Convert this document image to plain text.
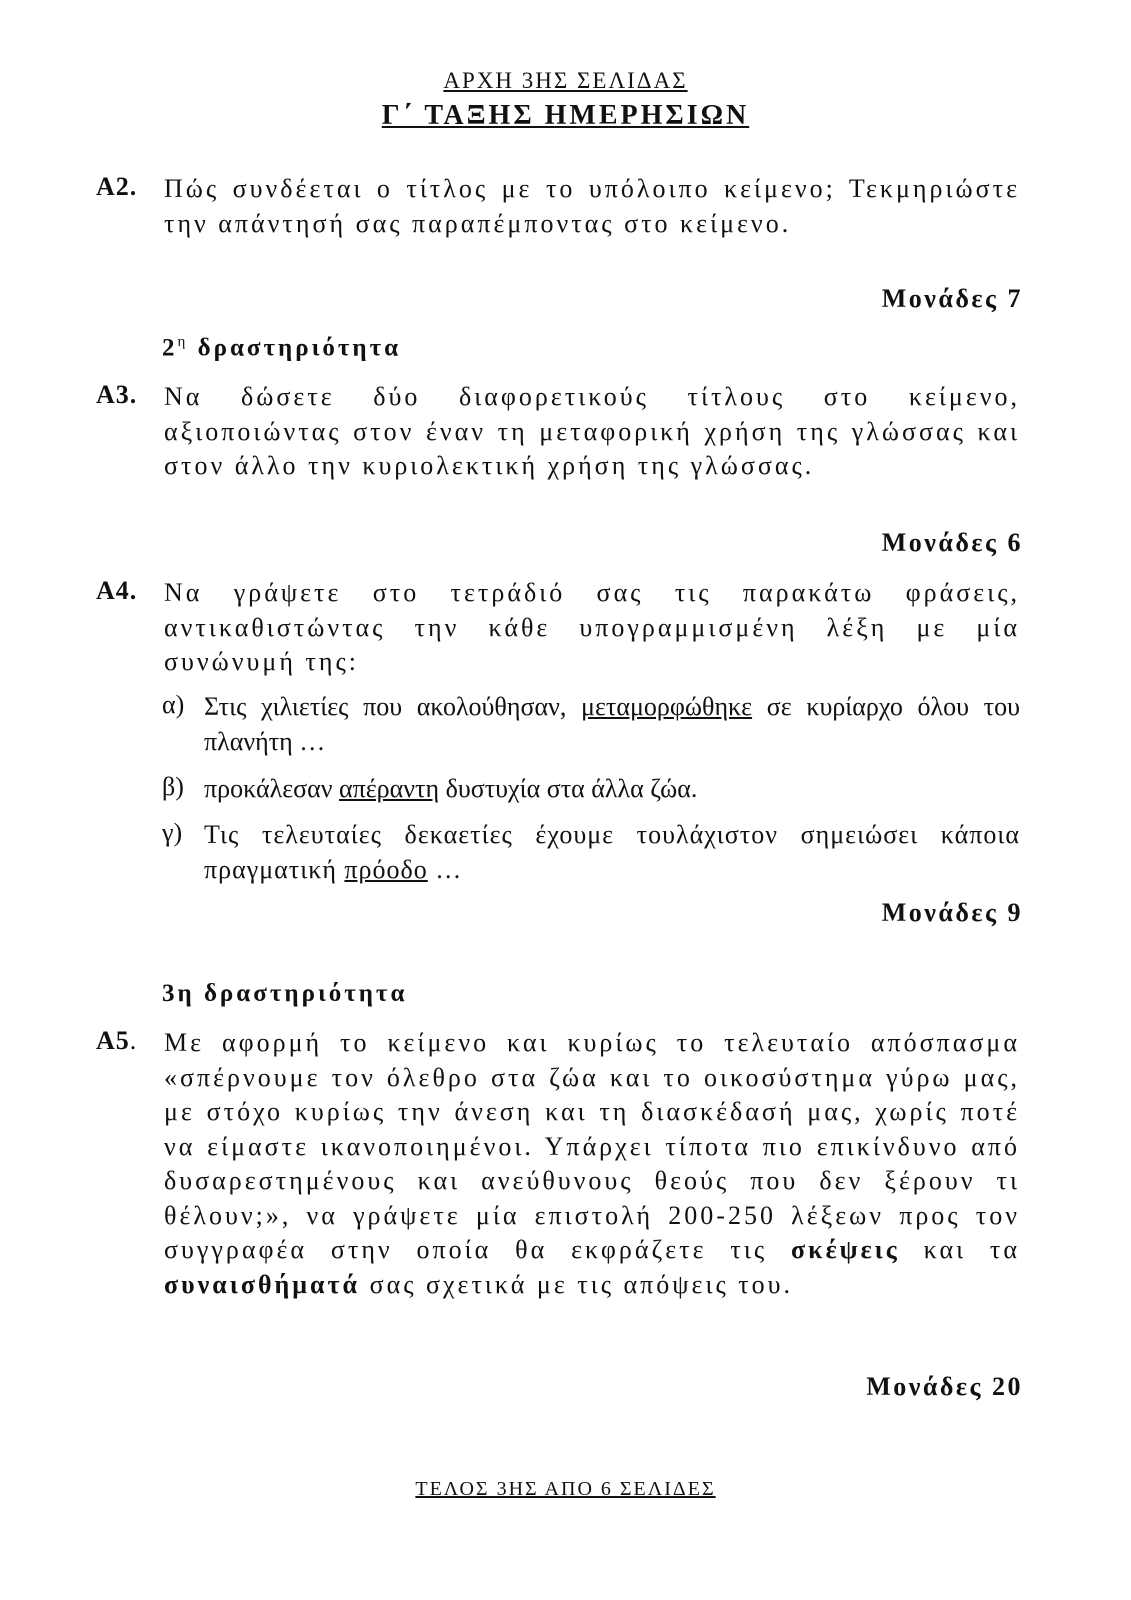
ΑΡΧΗ 3ΗΣ ΣΕΛΙΔΑΣ
Γ΄ ΤΑΞΗΣ ΗΜΕΡΗΣΙΩΝ
Α2. Πώς συνδέεται ο τίτλος με το υπόλοιπο κείμενο; Τεκμηριώστε την απάντησή σας παραπέμποντας στο κείμενο.

Μονάδες 7
$2^\eta$ δραστηριότητα
Α3. Να δώσετε δύο διαφορετικούς τίτλους στο κείμενο, αξιοποιώντας στον έναν τη μεταφορική χρήση της γλώσσας και στον άλλο την κυριολεκτική χρήση της γλώσσας.

Μονάδες 6
Α4. Να γράψετε στο τετράδιό σας τις παρακάτω φράσεις, αντικαθιστώντας την κάθε υπογραμμισμένη λέξη με μία συνώνυμή της:

α) Στις χιλιετίες που ακολούθησαν, μεταμορφώθηκε σε κυρίαρχο όλου του πλανήτη …

β) προκάλεσαν απέραντη δυστυχία στα άλλα ζώα.

γ) Τις τελευταίες δεκαετίες έχουμε τουλάχιστον σημειώσει κάποια πραγματική πρόοδο …

Μονάδες 9
3η δραστηριότητα
Α5. Με αφορμή το κείμενο και κυρίως το τελευταίο απόσπασμα «σπέρνουμε τον όλεθρο στα ζώα και το οικοσύστημα γύρω μας, με στόχο κυρίως την άνεση και τη διασκέδασή μας, χωρίς ποτέ να είμαστε ικανοποιημένοι. Υπάρχει τίποτα πιο επικίνδυνο από δυσαρεστημένους και ανεύθυνους θεούς που δεν ξέρουν τι θέλουν;», να γράψετε μία επιστολή 200-250 λέξεων προς τον συγγραφέα στην οποία θα εκφράζετε τις σκέψεις και τα συναισθήματά σας σχετικά με τις απόψεις του.

Μονάδες 20
ΤΕΛΟΣ 3ΗΣ ΑΠΟ 6 ΣΕΛΙΔΕΣ
